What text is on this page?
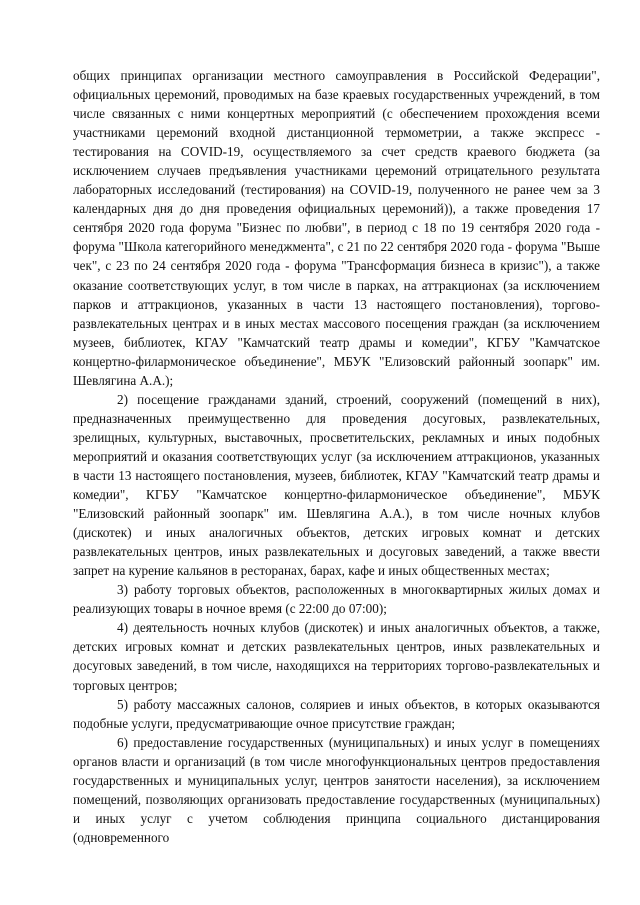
общих принципах организации местного самоуправления в Российской Федерации", официальных церемоний, проводимых на базе краевых государственных учреждений, в том числе связанных с ними концертных мероприятий (с обеспечением прохождения всеми участниками церемоний входной дистанционной термометрии, а также экспресс - тестирования на COVID-19, осуществляемого за счет средств краевого бюджета (за исключением случаев предъявления участниками церемоний отрицательного результата лабораторных исследований (тестирования) на COVID-19, полученного не ранее чем за 3 календарных дня до дня проведения официальных церемоний)), а также проведения 17 сентября 2020 года форума "Бизнес по любви", в период с 18 по 19 сентября 2020 года - форума "Школа категорийного менеджмента", с 21 по 22 сентября 2020 года - форума "Выше чек", с 23 по 24 сентября 2020 года - форума "Трансформация бизнеса в кризис"), а также оказание соответствующих услуг, в том числе в парках, на аттракционах (за исключением парков и аттракционов, указанных в части 13 настоящего постановления), торгово-развлекательных центрах и в иных местах массового посещения граждан (за исключением музеев, библиотек, КГАУ "Камчатский театр драмы и комедии", КГБУ "Камчатское концертно-филармоническое объединение", МБУК "Елизовский районный зоопарк" им. Шевлягина А.А.);

2) посещение гражданами зданий, строений, сооружений (помещений в них), предназначенных преимущественно для проведения досуговых, развлекательных, зрелищных, культурных, выставочных, просветительских, рекламных и иных подобных мероприятий и оказания соответствующих услуг (за исключением аттракционов, указанных в части 13 настоящего постановления, музеев, библиотек, КГАУ "Камчатский театр драмы и комедии", КГБУ "Камчатское концертно-филармоническое объединение", МБУК "Елизовский районный зоопарк" им. Шевлягина А.А.), в том числе ночных клубов (дискотек) и иных аналогичных объектов, детских игровых комнат и детских развлекательных центров, иных развлекательных и досуговых заведений, а также ввести запрет на курение кальянов в ресторанах, барах, кафе и иных общественных местах;

3) работу торговых объектов, расположенных в многоквартирных жилых домах и реализующих товары в ночное время (с 22:00 до 07:00);

4) деятельность ночных клубов (дискотек) и иных аналогичных объектов, а также, детских игровых комнат и детских развлекательных центров, иных развлекательных и досуговых заведений, в том числе, находящихся на территориях торгово-развлекательных и торговых центров;

5) работу массажных салонов, соляриев и иных объектов, в которых оказываются подобные услуги, предусматривающие очное присутствие граждан;

6) предоставление государственных (муниципальных) и иных услуг в помещениях органов власти и организаций (в том числе многофункциональных центров предоставления государственных и муниципальных услуг, центров занятости населения), за исключением помещений, позволяющих организовать предоставление государственных (муниципальных) и иных услуг с учетом соблюдения принципа социального дистанцирования (одновременного
